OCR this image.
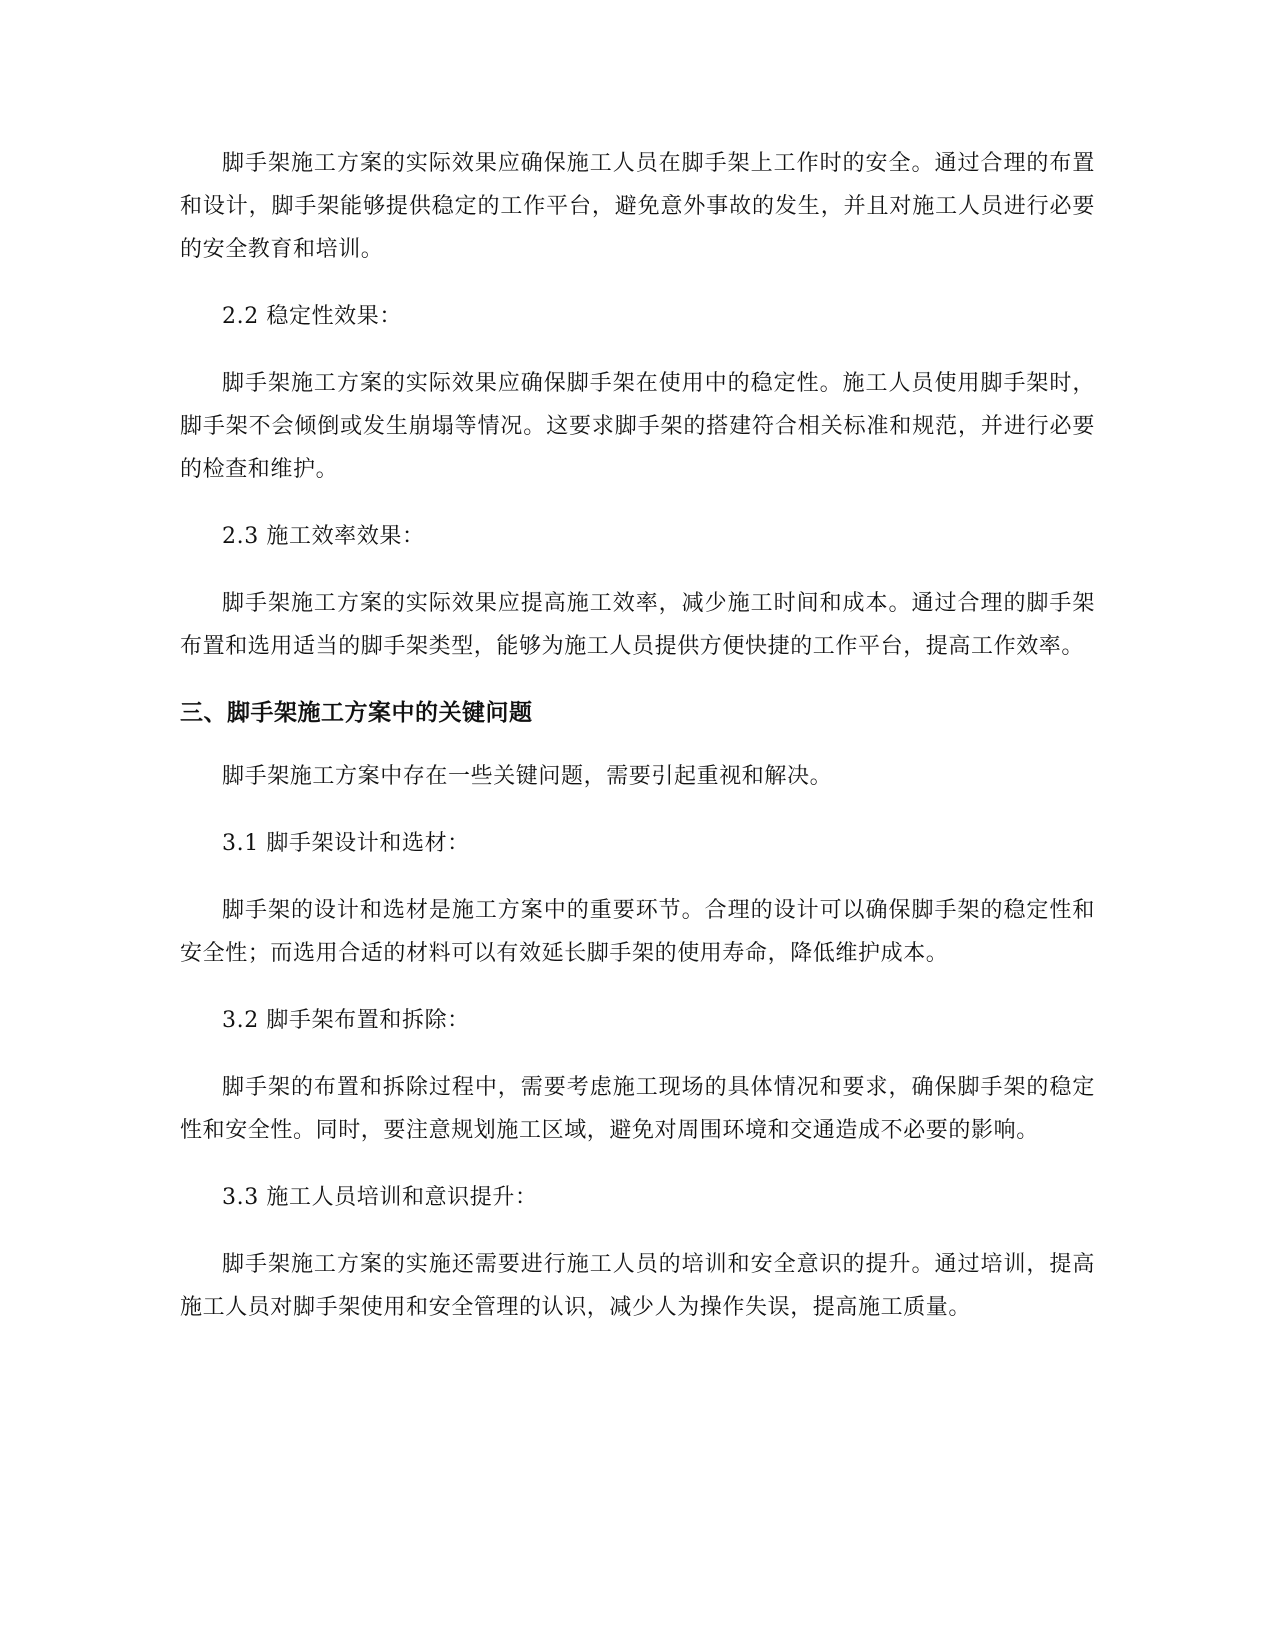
脚手架施工方案的实际效果应确保施工人员在脚手架上工作时的安全。通过合理的布置和设计，脚手架能够提供稳定的工作平台，避免意外事故的发生，并且对施工人员进行必要的安全教育和培训。

2.2 稳定性效果：

脚手架施工方案的实际效果应确保脚手架在使用中的稳定性。施工人员使用脚手架时，脚手架不会倾倒或发生崩塌等情况。这要求脚手架的搭建符合相关标准和规范，并进行必要的检查和维护。

2.3 施工效率效果：

脚手架施工方案的实际效果应提高施工效率，减少施工时间和成本。通过合理的脚手架布置和选用适当的脚手架类型，能够为施工人员提供方便快捷的工作平台，提高工作效率。

三、脚手架施工方案中的关键问题

脚手架施工方案中存在一些关键问题，需要引起重视和解决。

3.1 脚手架设计和选材：

脚手架的设计和选材是施工方案中的重要环节。合理的设计可以确保脚手架的稳定性和安全性；而选用合适的材料可以有效延长脚手架的使用寿命，降低维护成本。

3.2 脚手架布置和拆除：

脚手架的布置和拆除过程中，需要考虑施工现场的具体情况和要求，确保脚手架的稳定性和安全性。同时，要注意规划施工区域，避免对周围环境和交通造成不必要的影响。

3.3 施工人员培训和意识提升：

脚手架施工方案的实施还需要进行施工人员的培训和安全意识的提升。通过培训，提高施工人员对脚手架使用和安全管理的认识，减少人为操作失误，提高施工质量。
